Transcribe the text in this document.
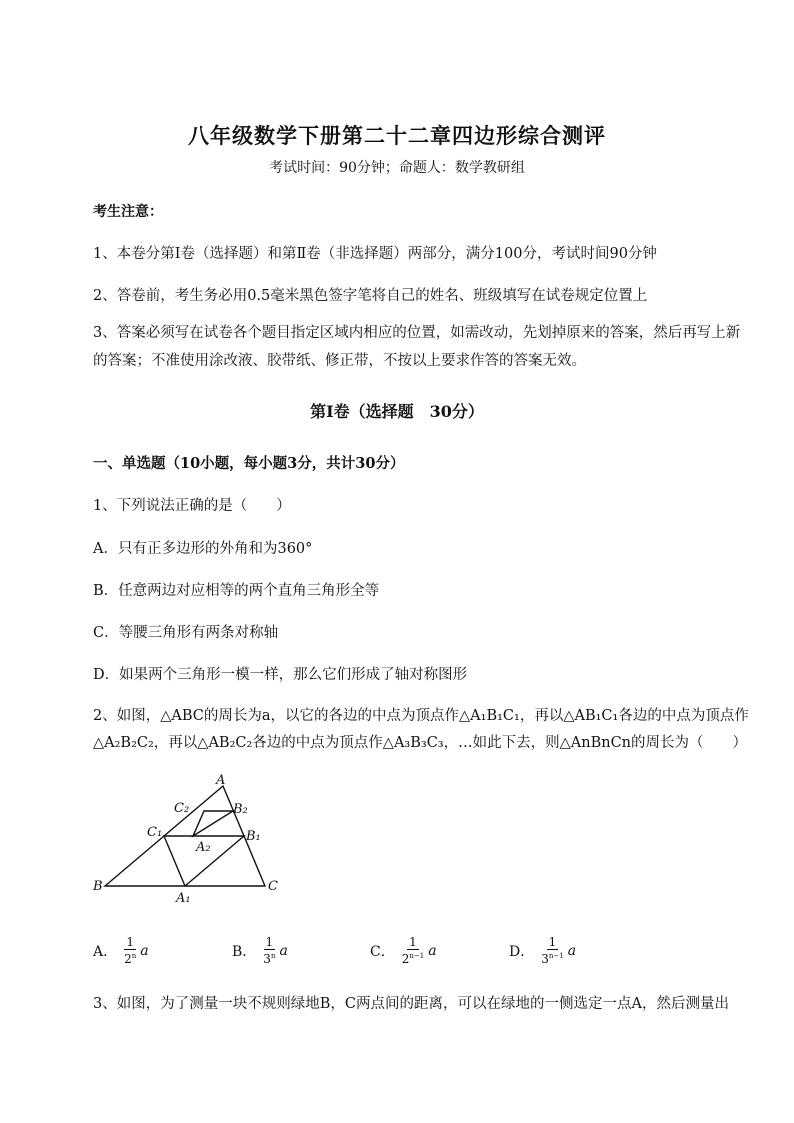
八年级数学下册第二十二章四边形综合测评
考试时间：90分钟；命题人：数学教研组
考生注意：
1、本卷分第Ⅰ卷（选择题）和第Ⅱ卷（非选择题）两部分，满分100分，考试时间90分钟
2、答卷前，考生务必用0.5毫米黑色签字笔将自己的姓名、班级填写在试卷规定位置上
3、答案必须写在试卷各个题目指定区域内相应的位置，如需改动，先划掉原来的答案，然后再写上新的答案；不准使用涂改液、胶带纸、修正带，不按以上要求作答的答案无效。
第Ⅰ卷（选择题　30分）
一、单选题（10小题，每小题3分，共计30分）
1、下列说法正确的是（　　）
A．只有正多边形的外角和为360°
B．任意两边对应相等的两个直角三角形全等
C．等腰三角形有两条对称轴
D．如果两个三角形一模一样，那么它们形成了轴对称图形
2、如图，△ABC的周长为a，以它的各边的中点为顶点作△A₁B₁C₁，再以△AB₁C₁各边的中点为顶点作
△A₂B₂C₂，再以△AB₂C₂各边的中点为顶点作△A₃B₃C₃，…如此下去，则△AnBnCn的周长为（　　）
A
B	C
A₁
B₁
C₁
A₂
B₂
C₂
A． $\frac{1}{2^n}$ a	B． $\frac{1}{3^n}$ a	C． $\frac{1}{2^{n-1}}$ a	D． $\frac{1}{3^{n-1}}$ a
3、如图，为了测量一块不规则绿地B，C两点间的距离，可以在绿地的一侧选定一点A，然后测量出
